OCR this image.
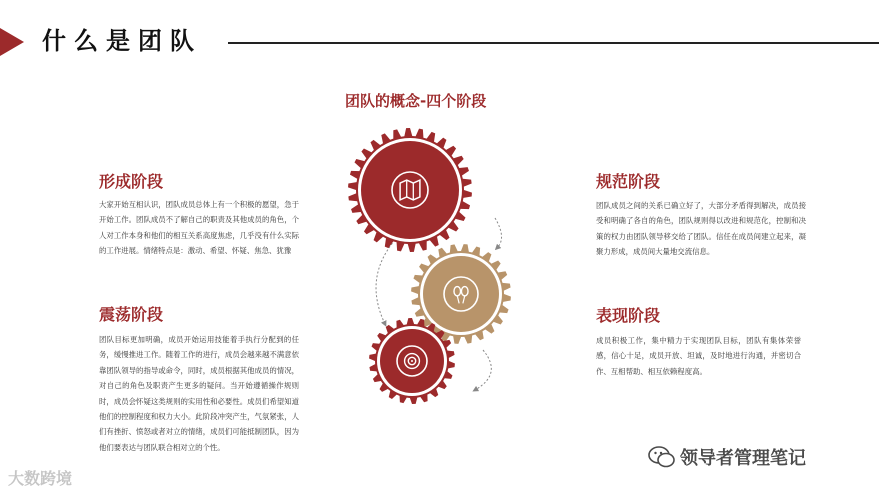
什么是团队
团队的概念-四个阶段
形成阶段
大家开始互相认识，团队成员总体上有一个积极的愿望，急于开始工作。团队成员不了解自己的职责及其他成员的角色，个人对工作本身和他们的相互关系高度焦虑，几乎没有什么实际的工作进展。情绪特点是：激动、希望、怀疑、焦急、犹豫
震荡阶段
团队目标更加明确，成员开始运用技能着手执行分配到的任务，缓慢推进工作。随着工作的进行，成员会越来越不满意依靠团队领导的指导或命令，同时，成员根据其他成员的情况，对自己的角色及职责产生更多的疑问。当开始遵循操作规则时，成员会怀疑这类规则的实用性和必要性。成员们希望知道他们的控制程度和权力大小。此阶段冲突产生，气氛紧张，人们有挫折、愤怒或者对立的情绪，成员们可能抵制团队，因为他们要表达与团队联合相对立的个性。
规范阶段
团队成员之间的关系已确立好了，大部分矛盾得到解决，成员接受和明确了各自的角色，团队规则得以改进和规范化，控制和决策的权力由团队领导移交给了团队。信任在成员间建立起来，凝聚力形成，成员间大量地交流信息。
表现阶段
成员积极工作，集中精力于实现团队目标，团队有集体荣誉感，信心十足，成员开放、坦诚，及时地进行沟通，并密切合作、互相帮助、相互依赖程度高。
大数跨境
领导者管理笔记
